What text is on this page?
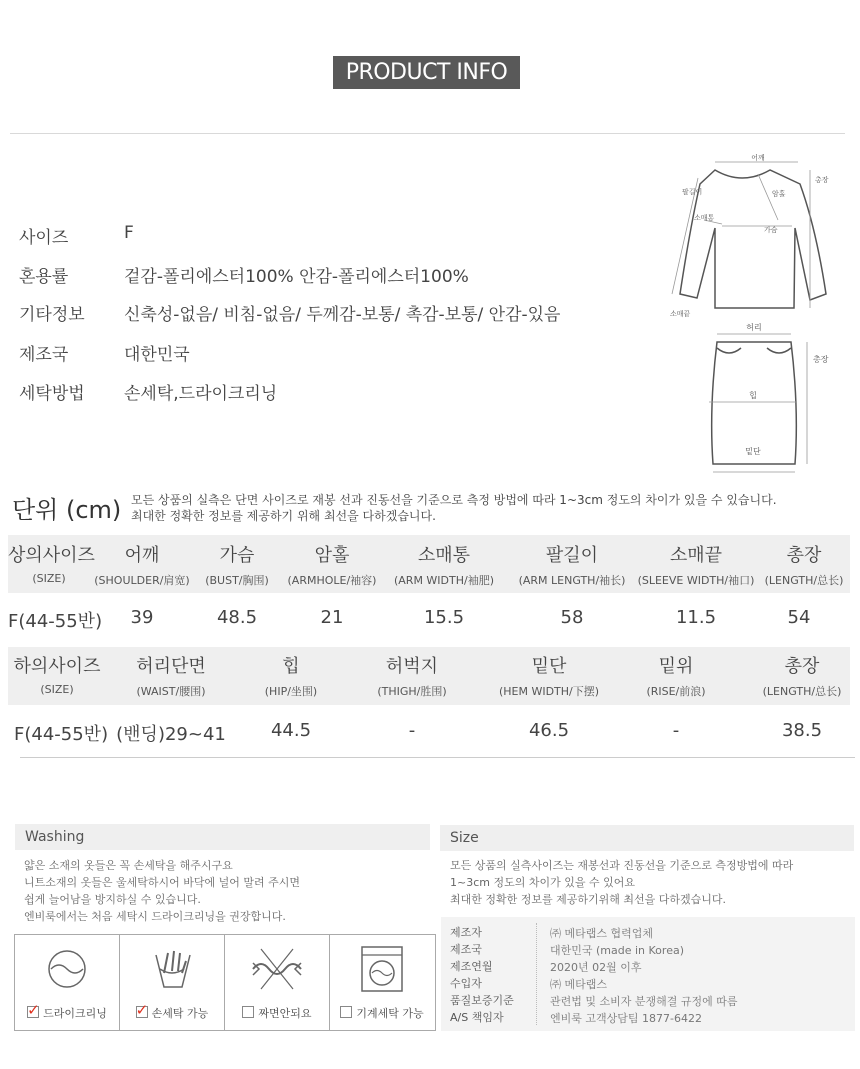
PRODUCT INFO
사이즈	F
혼용률	겉감-폴리에스터100% 안감-폴리에스터100%
기타정보 신축성-없음/ 비침-없음/ 두께감-보통/ 촉감-보통/ 안감-있음
제조국	대한민국
세탁방법 손세탁,드라이크리닝
어깨
총장
팔길이	암홀
소매통
가슴
소매끝
허리
총장
힙
밑단
단위 (cm) 모든 상품의 실측은 단면 사이즈로 재봉 선과 진동선을 기준으로 측정 방법에 따라 1~3cm 정도의 차이가 있을 수 있습니다.
최대한 정확한 정보를 제공하기 위해 최선을 다하겠습니다.
상의사이즈
(SIZE)
어깨
(SHOULDER/肩宽)
가슴
(BUST/胸围)
암홀
(ARMHOLE/袖容)
소매통
(ARM WIDTH/袖肥)
팔길이
(ARM LENGTH/袖长)
소매끝
(SLEEVE WIDTH/袖口)
총장
(LENGTH/总长)
F(44-55반)	39	48.5	21	15.5	58	11.5	54
하의사이즈
(SIZE)
허리단면
(WAIST/腰围)
힙
(HIP/坐围)
허벅지
(THIGH/胜围)
밑단
(HEM WIDTH/下摆)
밑위
(RISE/前浪)
총장
(LENGTH/总长)
F(44-55반) (밴딩)29~41	44.5	-	46.5	-	38.5
Washing
얇은 소재의 옷들은 꼭 손세탁을 해주시구요
니트소재의 옷들은 울세탁하시어 바닥에 널어 말려 주시면
쉽게 늘어남을 방지하실 수 있습니다.
엔비룩에서는 처음 세탁시 드라이크리닝을 권장합니다.
✓드라이크리닝
✓	손세탁 가능	짜면안되요	기계세탁 가능
Size
모든 상품의 실측사이즈는 재봉선과 진동선을 기준으로 측정방법에 따라
1~3cm 정도의 차이가 있을 수 있어요
최대한 정확한 정보를 제공하기위해 최선을 다하겠습니다.
제조자	㈜ 메타랩스 협력업체
제조국	대한민국 (made in Korea)
제조연월	2020년 02월 이후
수입자	㈜ 메타랩스
품질보증기준	관련법 및 소비자 분쟁해결 규정에 따름
A/S 책임자	엔비룩 고객상담팀 1877-6422
